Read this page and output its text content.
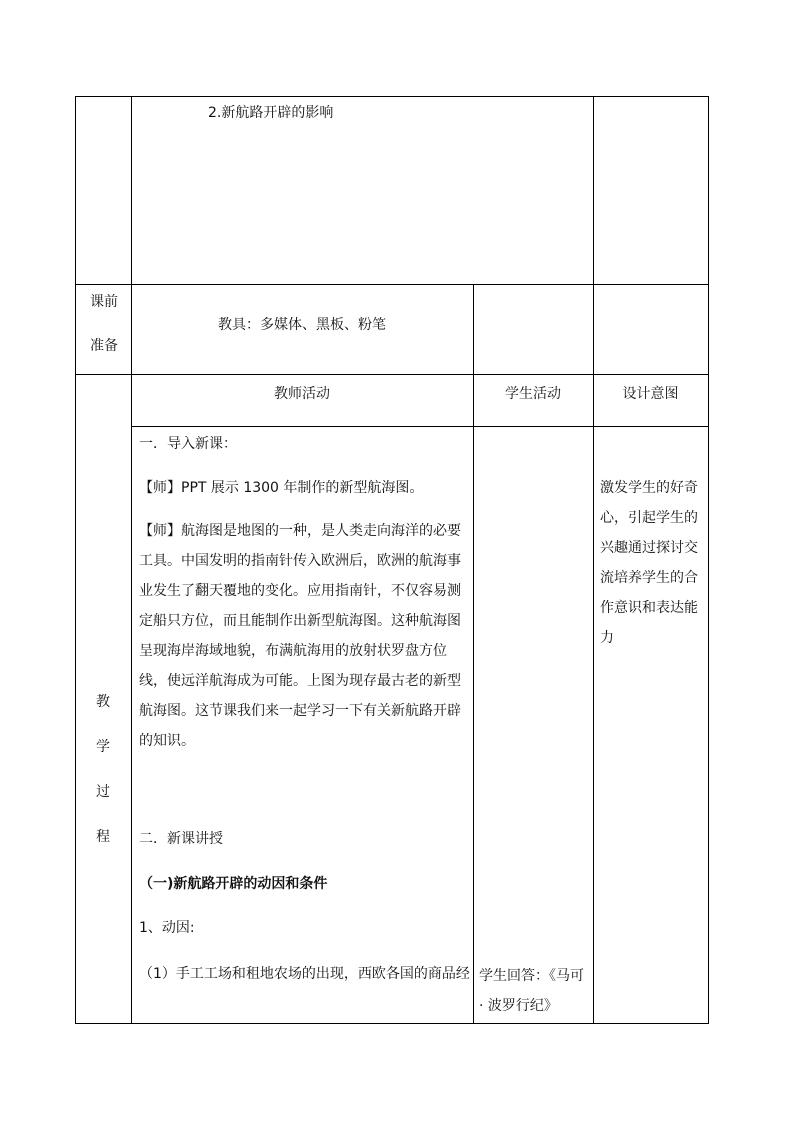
2.新航路开辟的影响
课前
准备
教具：多媒体、黑板、粉笔
教
学
过
程
教师活动	学生活动	设计意图
一．导入新课：
【师】PPT 展示 1300 年制作的新型航海图。
【师】航海图是地图的一种，是人类走向海洋的必要工具。中国发明的指南针传入欧洲后，欧洲的航海事业发生了翻天覆地的变化。应用指南针，不仅容易测定船只方位，而且能制作出新型航海图。这种航海图呈现海岸海域地貌，布满航海用的放射状罗盘方位线，使远洋航海成为可能。上图为现存最古老的新型航海图。这节课我们来一起学习一下有关新航路开辟的知识。
二．新课讲授
（一)新航路开辟的动因和条件
1、动因:
（1）手工工场和租地农场的出现，西欧各国的商品经 学生回答：《马可 · 波罗行纪》
激发学生的好奇心，引起学生的兴趣通过探讨交流培养学生的合作意识和表达能力
